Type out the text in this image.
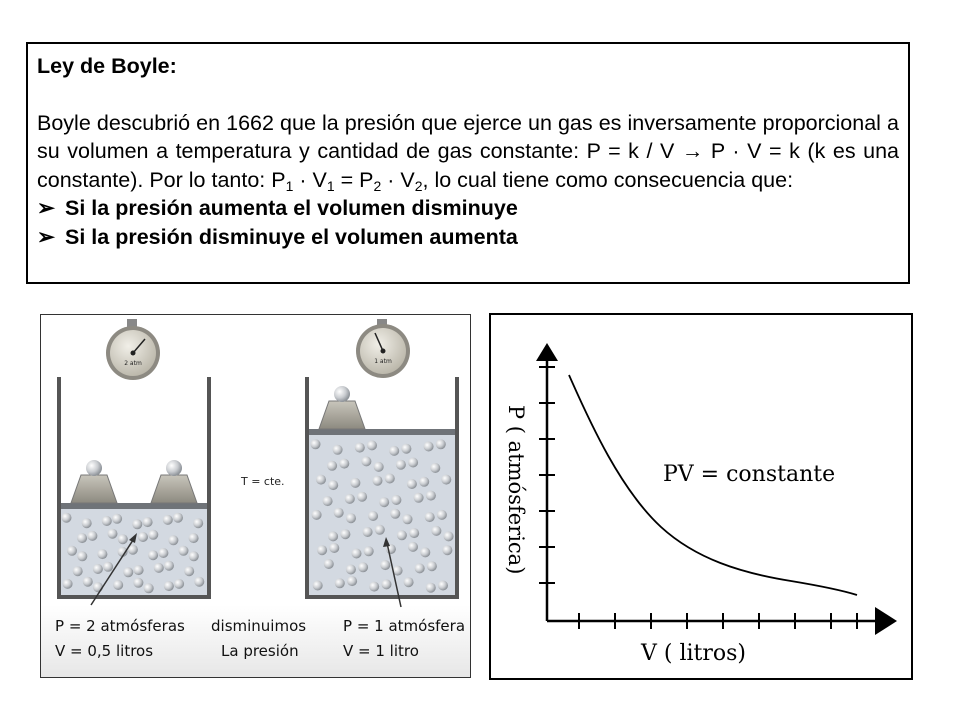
Ley de Boyle:
Boyle descubrió en 1662 que la presión que ejerce un gas es inversamente proporcional a su volumen a temperatura y cantidad de gas constante: P = k / V → P · V = k (k es una constante). Por lo tanto: $P_1 \cdot V_1 = P_2 \cdot V_2$, lo cual tiene como consecuencia que:
➢ Si la presión aumenta el volumen disminuye
➢ Si la presión disminuye el volumen aumenta
2 atm
T = cte.
1 atm
P = 2 atmósferas
V = 0,5 litros
disminuimos
La presión
P = 1 atmósfera
V = 1 litro
PV = constante
V ( litros)
P ( atmósferica)
